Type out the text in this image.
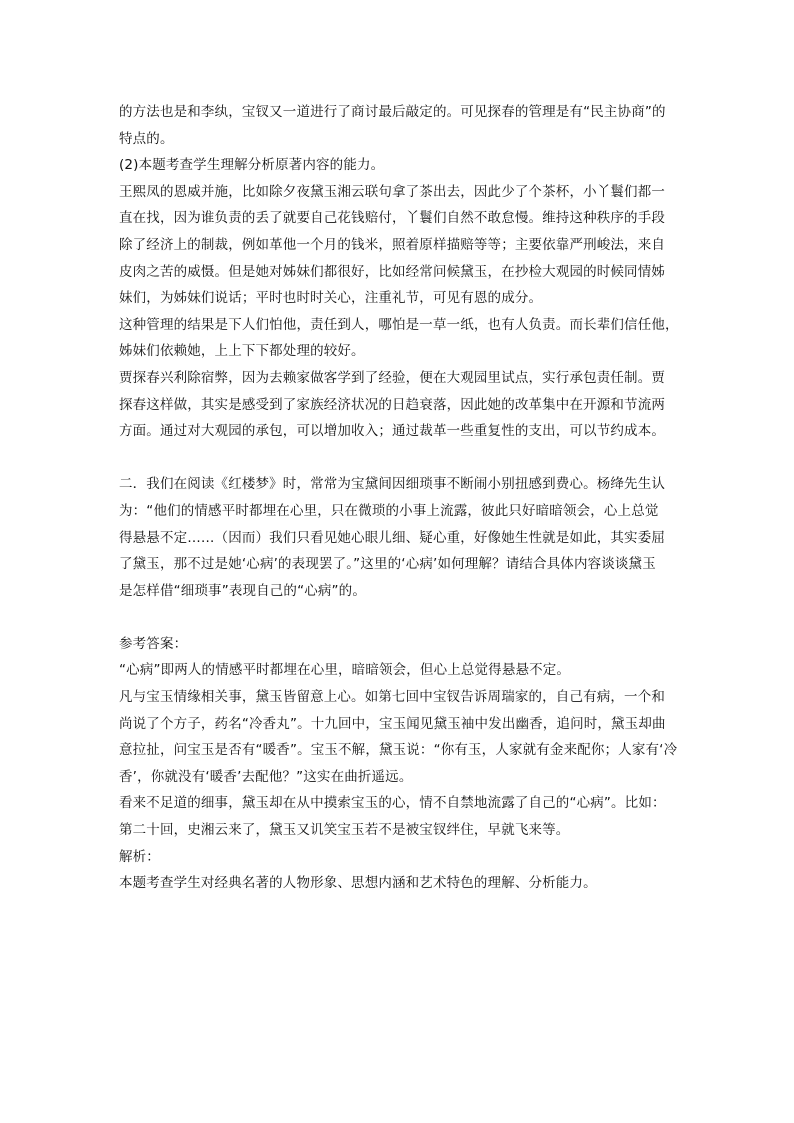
的方法也是和李纨，宝钗又一道进行了商讨最后敲定的。可见探春的管理是有“民主协商”的
特点的。
(2)本题考查学生理解分析原著内容的能力。
王熙凤的恩威并施，比如除夕夜黛玉湘云联句拿了茶出去，因此少了个茶杯，小丫鬟们都一
直在找，因为谁负责的丢了就要自己花钱赔付，丫鬟们自然不敢怠慢。维持这种秩序的手段
除了经济上的制裁，例如革他一个月的钱米，照着原样描赔等等；主要依靠严刑峻法，来自
皮肉之苦的威慑。但是她对姊妹们都很好，比如经常问候黛玉，在抄检大观园的时候同情姊
妹们，为姊妹们说话；平时也时时关心，注重礼节，可见有恩的成分。
这种管理的结果是下人们怕他，责任到人，哪怕是一草一纸，也有人负责。而长辈们信任他，
姊妹们依赖她，上上下下都处理的较好。
贾探春兴利除宿弊，因为去赖家做客学到了经验，便在大观园里试点，实行承包责任制。贾
探春这样做，其实是感受到了家族经济状况的日趋衰落，因此她的改革集中在开源和节流两
方面。通过对大观园的承包，可以增加收入；通过裁革一些重复性的支出，可以节约成本。
二．我们在阅读《红楼梦》时，常常为宝黛间因细琐事不断闹小别扭感到费心。杨绛先生认
为：“他们的情感平时都埋在心里，只在微琐的小事上流露，彼此只好暗暗领会，心上总觉
得悬悬不定……（因而）我们只看见她心眼儿细、疑心重，好像她生性就是如此，其实委屈
了黛玉，那不过是她‘心病’的表现罢了。”这里的‘心病’如何理解？请结合具体内容谈谈黛玉
是怎样借“细琐事”表现自己的“心病”的。
参考答案：
“心病”即两人的情感平时都埋在心里，暗暗领会，但心上总觉得悬悬不定。
凡与宝玉情缘相关事，黛玉皆留意上心。如第七回中宝钗告诉周瑞家的，自己有病，一个和
尚说了个方子，药名“冷香丸”。十九回中，宝玉闻见黛玉袖中发出幽香，追问时，黛玉却曲
意拉扯，问宝玉是否有“暖香”。宝玉不解，黛玉说：“你有玉，人家就有金来配你；人家有‘冷
香’，你就没有‘暖香’去配他？”这实在曲折遥远。
看来不足道的细事，黛玉却在从中摸索宝玉的心，情不自禁地流露了自己的“心病”。比如：
第二十回，史湘云来了，黛玉又讥笑宝玉若不是被宝钗绊住，早就飞来等。
解析：
本题考查学生对经典名著的人物形象、思想内涵和艺术特色的理解、分析能力。
